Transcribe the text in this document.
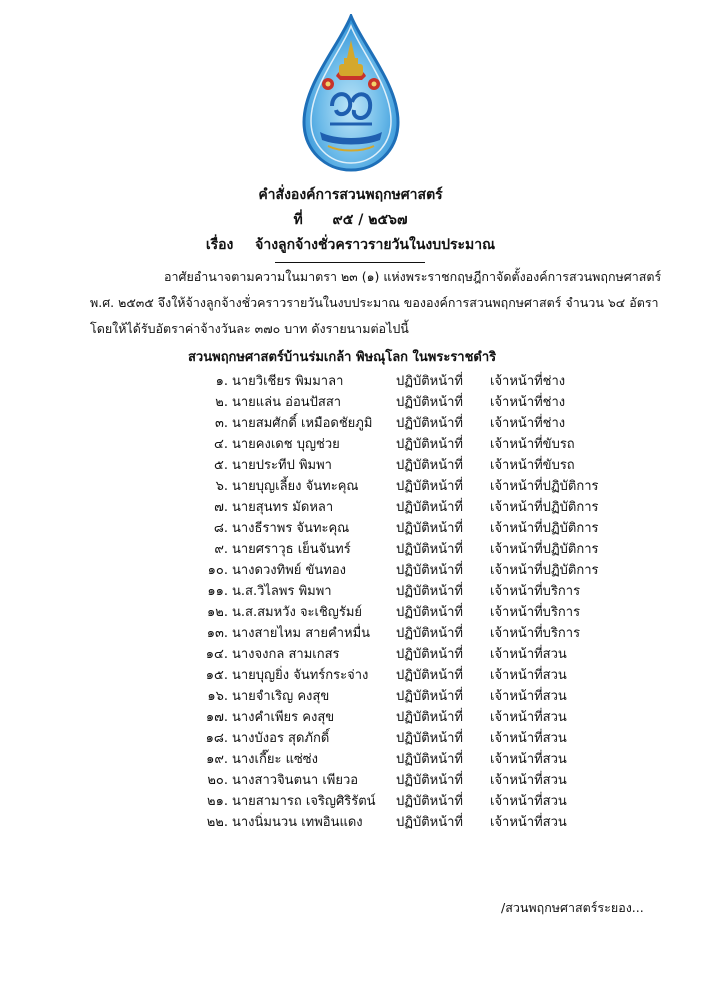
คำสั่งองค์การสวนพฤกษศาสตร์
ที่ ๙๕ / ๒๕๖๗
เรื่อง จ้างลูกจ้างชั่วคราวรายวันในงบประมาณ
อาศัยอำนาจตามความในมาตรา ๒๓ (๑) แห่งพระราชกฤษฎีกาจัดตั้งองค์การสวนพฤกษศาสตร์
พ.ศ. ๒๕๓๕ จึงให้จ้างลูกจ้างชั่วคราวรายวันในงบประมาณ ขององค์การสวนพฤกษศาสตร์ จำนวน ๖๔ อัตรา
โดยให้ได้รับอัตราค่าจ้างวันละ ๓๗๐ บาท ดังรายนามต่อไปนี้
สวนพฤกษศาสตร์บ้านร่มเกล้า พิษณุโลก ในพระราชดำริ
๑. นายวิเชียร พิมมาลา	ปฏิบัติหน้าที่ เจ้าหน้าที่ช่าง
๒. นายแล่น อ่อนปัสสา	ปฏิบัติหน้าที่ เจ้าหน้าที่ช่าง
๓. นายสมศักดิ์ เหมือดชัยภูมิ ปฏิบัติหน้าที่ เจ้าหน้าที่ช่าง
๔. นายคงเดช บุญช่วย	ปฏิบัติหน้าที่ เจ้าหน้าที่ขับรถ
๕. นายประทีป พิมพา	ปฏิบัติหน้าที่ เจ้าหน้าที่ขับรถ
๖. นายบุญเลี้ยง จันทะคุณ	ปฏิบัติหน้าที่ เจ้าหน้าที่ปฏิบัติการ
๗. นายสุนทร มัดหลา	ปฏิบัติหน้าที่ เจ้าหน้าที่ปฏิบัติการ
๘. นางธีราพร จันทะคุณ	ปฏิบัติหน้าที่ เจ้าหน้าที่ปฏิบัติการ
๙. นายศราวุธ เย็นจันทร์	ปฏิบัติหน้าที่ เจ้าหน้าที่ปฏิบัติการ
๑๐. นางดวงทิพย์ ขันทอง	ปฏิบัติหน้าที่ เจ้าหน้าที่ปฏิบัติการ
๑๑. น.ส.วิไลพร พิมพา	ปฏิบัติหน้าที่ เจ้าหน้าที่บริการ
๑๒. น.ส.สมหวัง จะเชิญรัมย์	ปฏิบัติหน้าที่ เจ้าหน้าที่บริการ
๑๓. นางสายไหม สายคำหมื่น ปฏิบัติหน้าที่ เจ้าหน้าที่บริการ
๑๔. นางจงกล สามเกสร	ปฏิบัติหน้าที่ เจ้าหน้าที่สวน
๑๕. นายบุญยิ่ง จันทร์กระจ่าง ปฏิบัติหน้าที่ เจ้าหน้าที่สวน
๑๖. นายจำเริญ คงสุข	ปฏิบัติหน้าที่ เจ้าหน้าที่สวน
๑๗. นางคำเพียร คงสุข	ปฏิบัติหน้าที่ เจ้าหน้าที่สวน
๑๘. นางบังอร สุดภักดิ์	ปฏิบัติหน้าที่ เจ้าหน้าที่สวน
๑๙. นางเกี๊ยะ แซ่ซ่ง	ปฏิบัติหน้าที่ เจ้าหน้าที่สวน
๒๐. นางสาวจินตนา เพียวอ	ปฏิบัติหน้าที่ เจ้าหน้าที่สวน
๒๑. นายสามารถ เจริญศิริรัตน์ ปฏิบัติหน้าที่ เจ้าหน้าที่สวน
๒๒. นางนิ่มนวน เทพอินแดง	ปฏิบัติหน้าที่ เจ้าหน้าที่สวน
/สวนพฤกษศาสตร์ระยอง...
